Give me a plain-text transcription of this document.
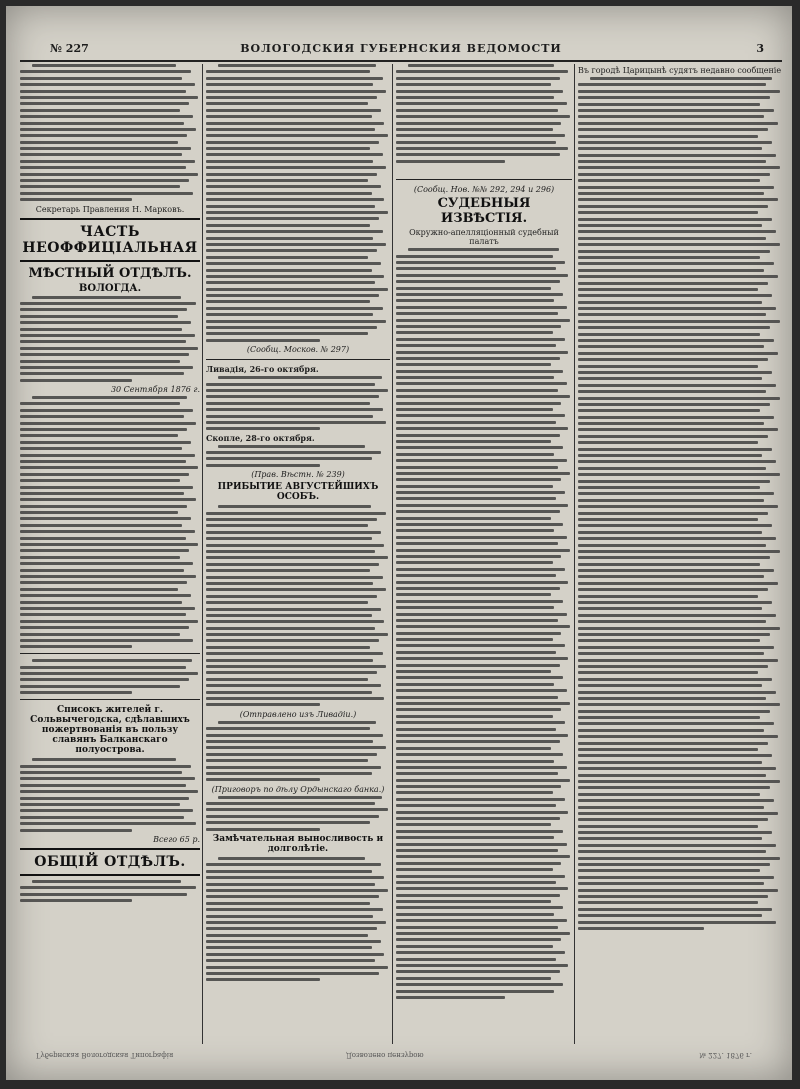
№ 227	ВОЛОГОДСКИЯ ГУБЕРНСКИЯ ВЕДОМОСТИ	3

Секретарь Правления Н. Марковъ.

ЧАСТЬ НЕОФФИЦІАЛЬНАЯ
МѢСТНЫЙ ОТДѢЛЪ.
ВОЛОГДА.

30 Сентября 1876 г.

Списокъ жителей г. Сольвычегодска, сдѣлавшихъ пожертвованія въ пользу славянъ Балканскаго полуострова.

Всего 65 р.

ОБЩІЙ ОТДѢЛЪ.

(Сообщ. Москов. № 297)

Ливадія, 26-го октября.

Скопле, 28-го октября.

(Прав. Вѣстн. № 239)

ПРИБЫТИЕ АВГУСТЕЙШИХЪ ОСОБЪ.

(Отправлено изъ Ливадіи.)

(Приговоръ по дѣлу Ордынскаго банка.)

Замѣчательная выносливость и долголѣтіе.

(Сообщ. Нов. №№ 292, 294 и 296)

СУДЕБНЫЯ ИЗВѢСТІЯ.

Окружно-апелляціонный судебный палатъ

Въ городѣ Царицынѣ судятъ недавно сообщеніе

Губернская Вологодская Типографія	Дозволено цензурою	№ 227. 1876 г.
